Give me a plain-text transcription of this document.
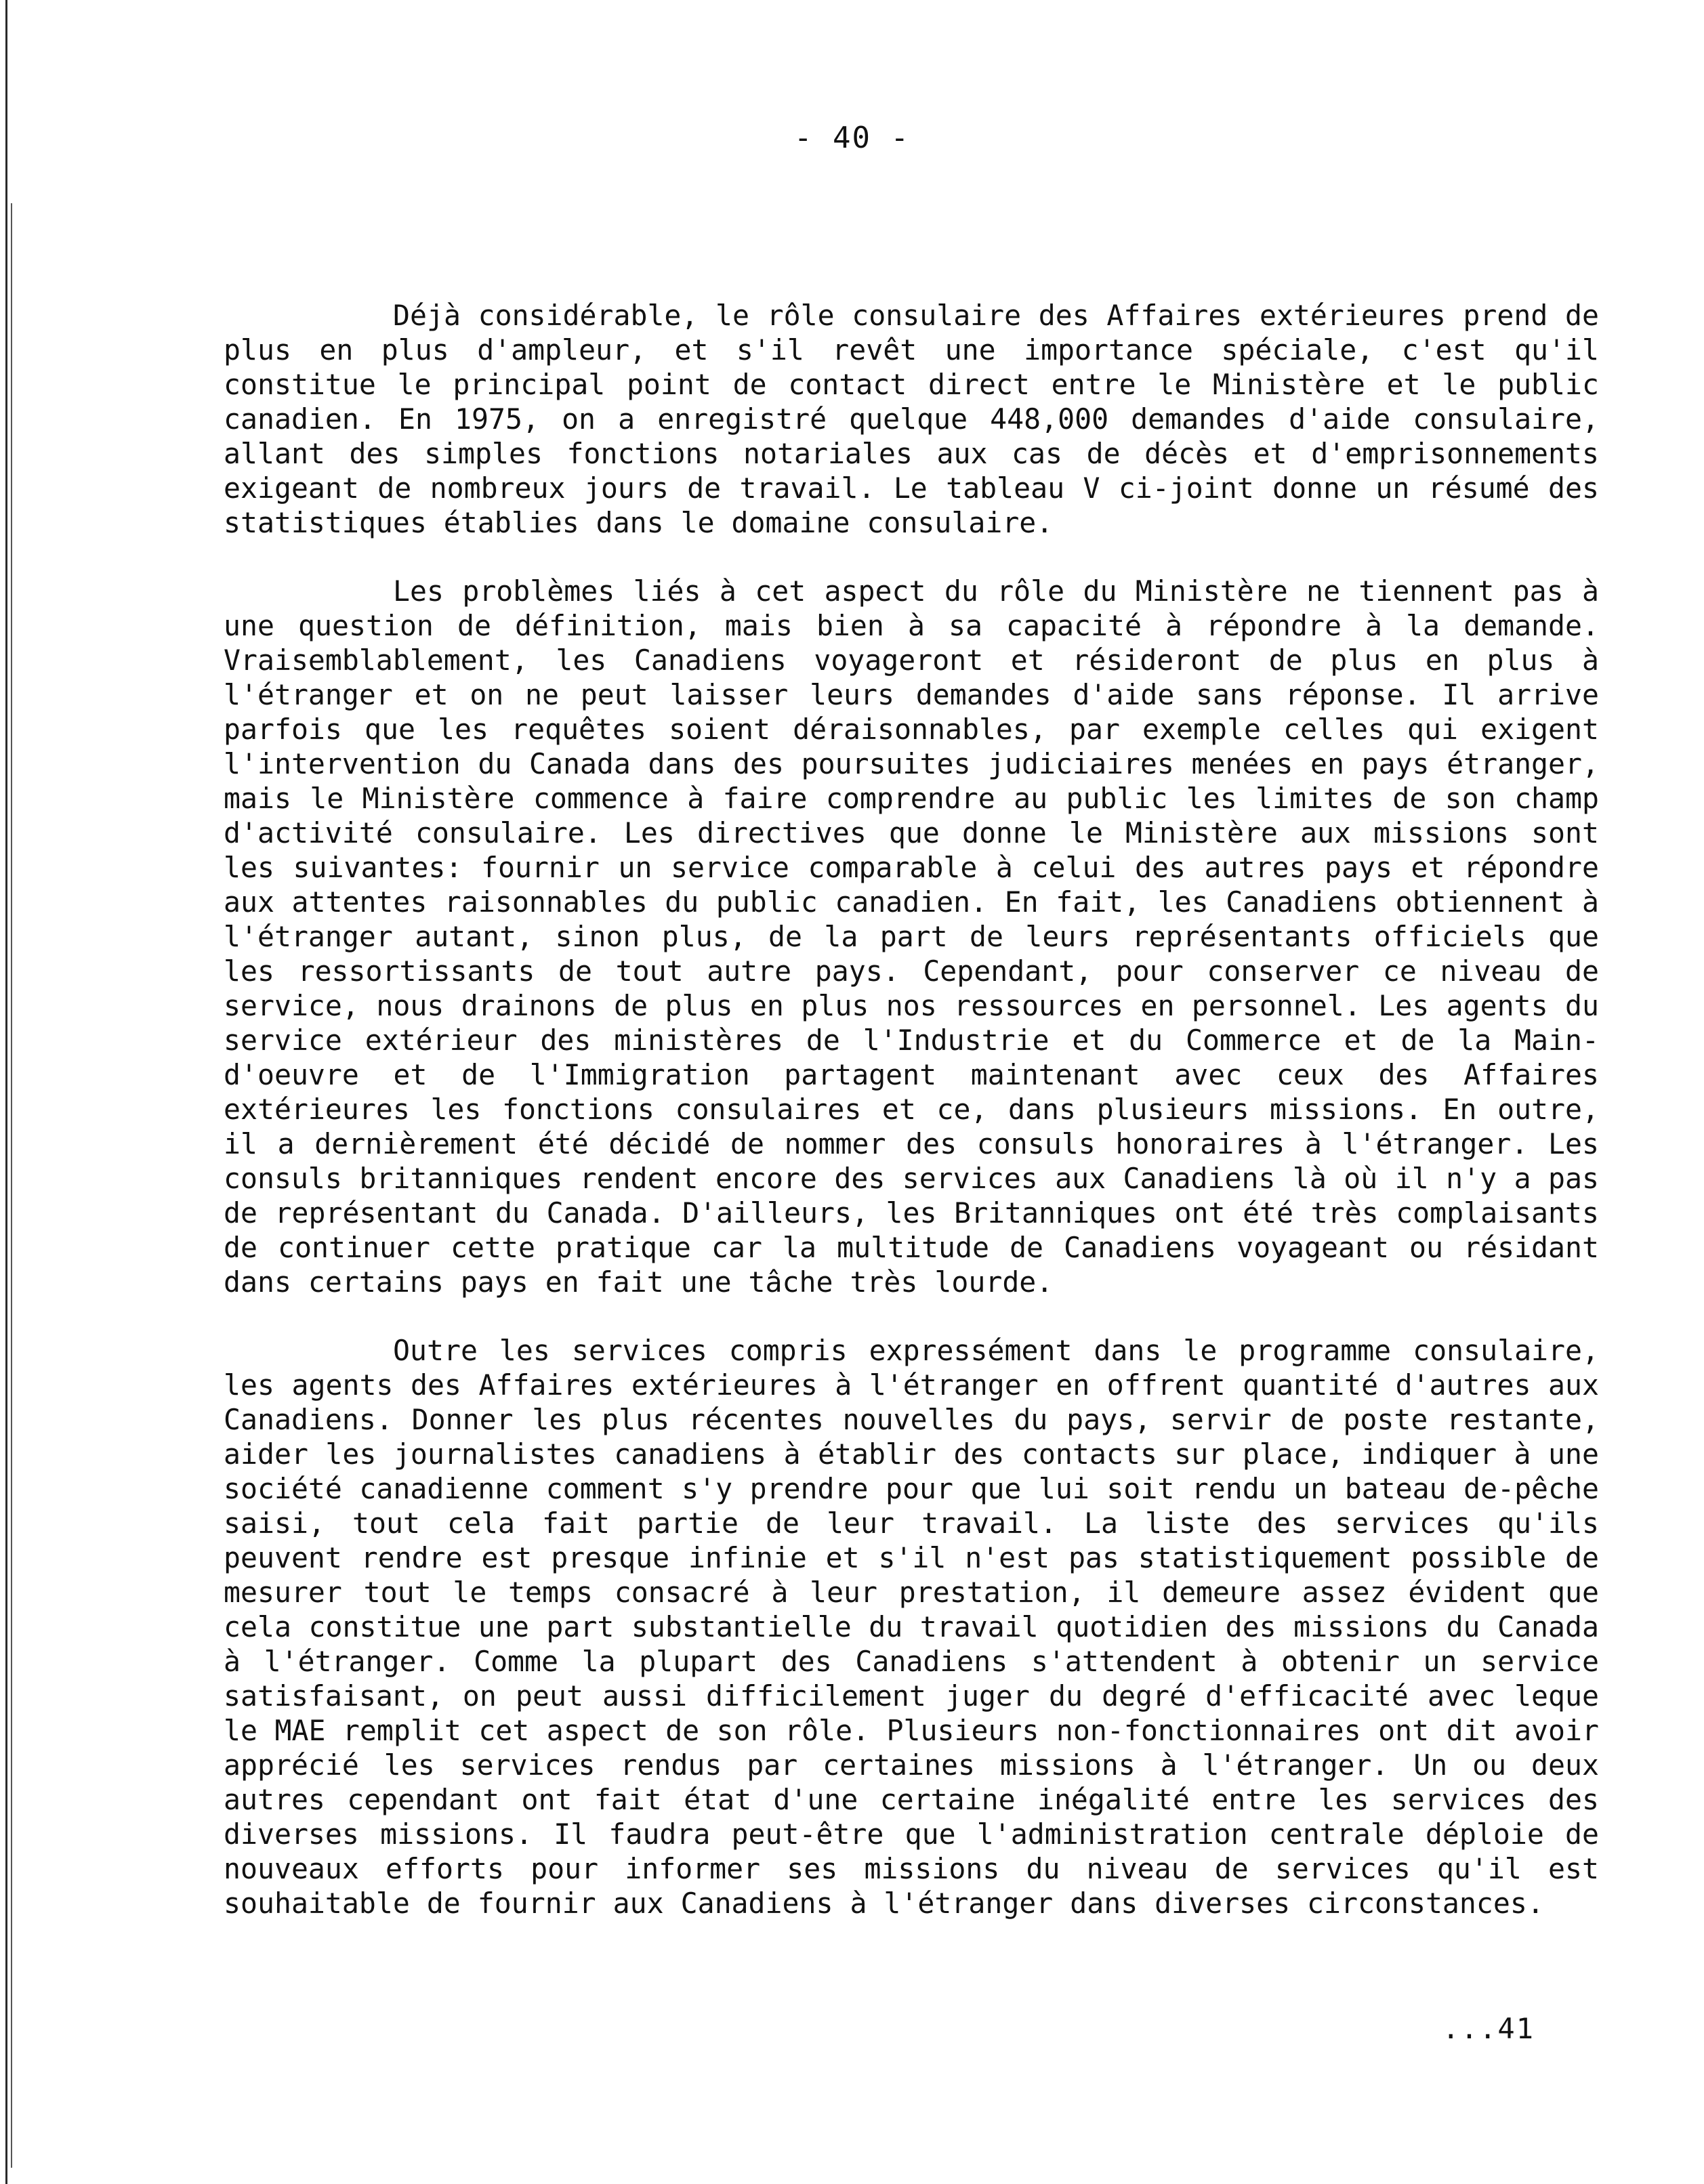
- 40 -

Déjà considérable, le rôle consulaire des Affaires extérieures prend de plus en plus d'ampleur, et s'il revêt une importance spéciale, c'est qu'il constitue le principal point de contact direct entre le Ministère et le public canadien. En 1975, on a enregistré quelque 448,000 demandes d'aide consulaire, allant des simples fonctions notariales aux cas de décès et d'emprisonnements exigeant de nombreux jours de travail. Le tableau V ci-joint donne un résumé des statistiques établies dans le domaine consulaire.

Les problèmes liés à cet aspect du rôle du Ministère ne tiennent pas à une question de définition, mais bien à sa capacité à répondre à la demande. Vraisemblablement, les Canadiens voyageront et résideront de plus en plus à l'étranger et on ne peut laisser leurs demandes d'aide sans réponse. Il arrive parfois que les requêtes soient déraisonnables, par exemple celles qui exigent l'intervention du Canada dans des poursuites judiciaires menées en pays étranger, mais le Ministère commence à faire comprendre au public les limites de son champ d'activité consulaire. Les directives que donne le Ministère aux missions sont les suivantes: fournir un service comparable à celui des autres pays et répondre aux attentes raisonnables du public canadien. En fait, les Canadiens obtiennent à l'étranger autant, sinon plus, de la part de leurs représentants officiels que les ressortissants de tout autre pays. Cependant, pour conserver ce niveau de service, nous drainons de plus en plus nos ressources en personnel. Les agents du service extérieur des ministères de l'Industrie et du Commerce et de la Main-d'oeuvre et de l'Immigration partagent maintenant avec ceux des Affaires extérieures les fonctions consulaires et ce, dans plusieurs missions. En outre, il a dernièrement été décidé de nommer des consuls honoraires à l'étranger. Les consuls britanniques rendent encore des services aux Canadiens là où il n'y a pas de représentant du Canada. D'ailleurs, les Britanniques ont été très complaisants de continuer cette pratique car la multitude de Canadiens voyageant ou résidant dans certains pays en fait une tâche très lourde.

Outre les services compris expressément dans le programme consulaire, les agents des Affaires extérieures à l'étranger en offrent quantité d'autres aux Canadiens. Donner les plus récentes nouvelles du pays, servir de poste restante, aider les journalistes canadiens à établir des contacts sur place, indiquer à une société canadienne comment s'y prendre pour que lui soit rendu un bateau de-pêche saisi, tout cela fait partie de leur travail. La liste des services qu'ils peuvent rendre est presque infinie et s'il n'est pas statistiquement possible de mesurer tout le temps consacré à leur prestation, il demeure assez évident que cela constitue une part substantielle du travail quotidien des missions du Canada à l'étranger. Comme la plupart des Canadiens s'attendent à obtenir un service satisfaisant, on peut aussi difficilement juger du degré d'efficacité avec leque le MAE remplit cet aspect de son rôle. Plusieurs non-fonctionnaires ont dit avoir apprécié les services rendus par certaines missions à l'étranger. Un ou deux autres cependant ont fait état d'une certaine inégalité entre les services des diverses missions. Il faudra peut-être que l'administration centrale déploie de nouveaux efforts pour informer ses missions du niveau de services qu'il est souhaitable de fournir aux Canadiens à l'étranger dans diverses circonstances.

...41
